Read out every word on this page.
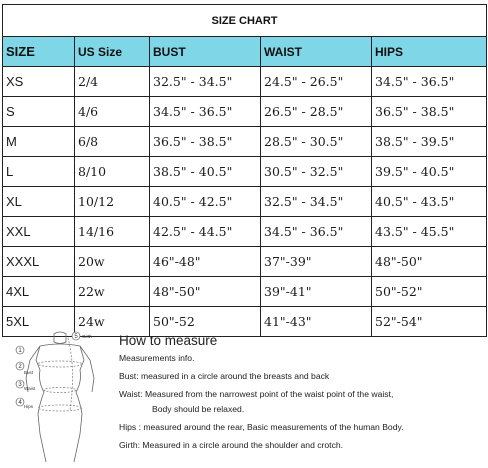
SIZE CHART				
SIZE	US Size	BUST	WAIST	HIPS
XS	2/4	32.5" - 34.5"	24.5" - 26.5"	34.5" - 36.5"
S	4/6	34.5" - 36.5"	26.5" - 28.5"	36.5" - 38.5"
M	6/8	36.5" - 38.5"	28.5" - 30.5"	38.5" - 39.5"
L	8/10	38.5" - 40.5"	30.5" - 32.5"	39.5" - 40.5"
XL	10/12	40.5" - 42.5"	32.5" - 34.5"	40.5" - 43.5"
XXL	14/16	42.5" - 44.5"	34.5" - 36.5"	43.5" - 45.5"
XXXL	20w	46"-48"	37"-39"	48"-50"
4XL	22w	48"-50"	39"-41"	50"-52"
5XL	24w	50"-52	41"-43"	52"-54"
5 Girth
1
2
Bust
3
Waist
4
Hips
How to measure
Measurements info.
Bust: measured in a circle around the breasts and back
Waist: Measured from the narrowest point of the waist point of the waist,
Body should be relaxed.
Hips : measured around the rear, Basic measurements of the human Body.
Girth: Measured in a circle around the shoulder and crotch.
